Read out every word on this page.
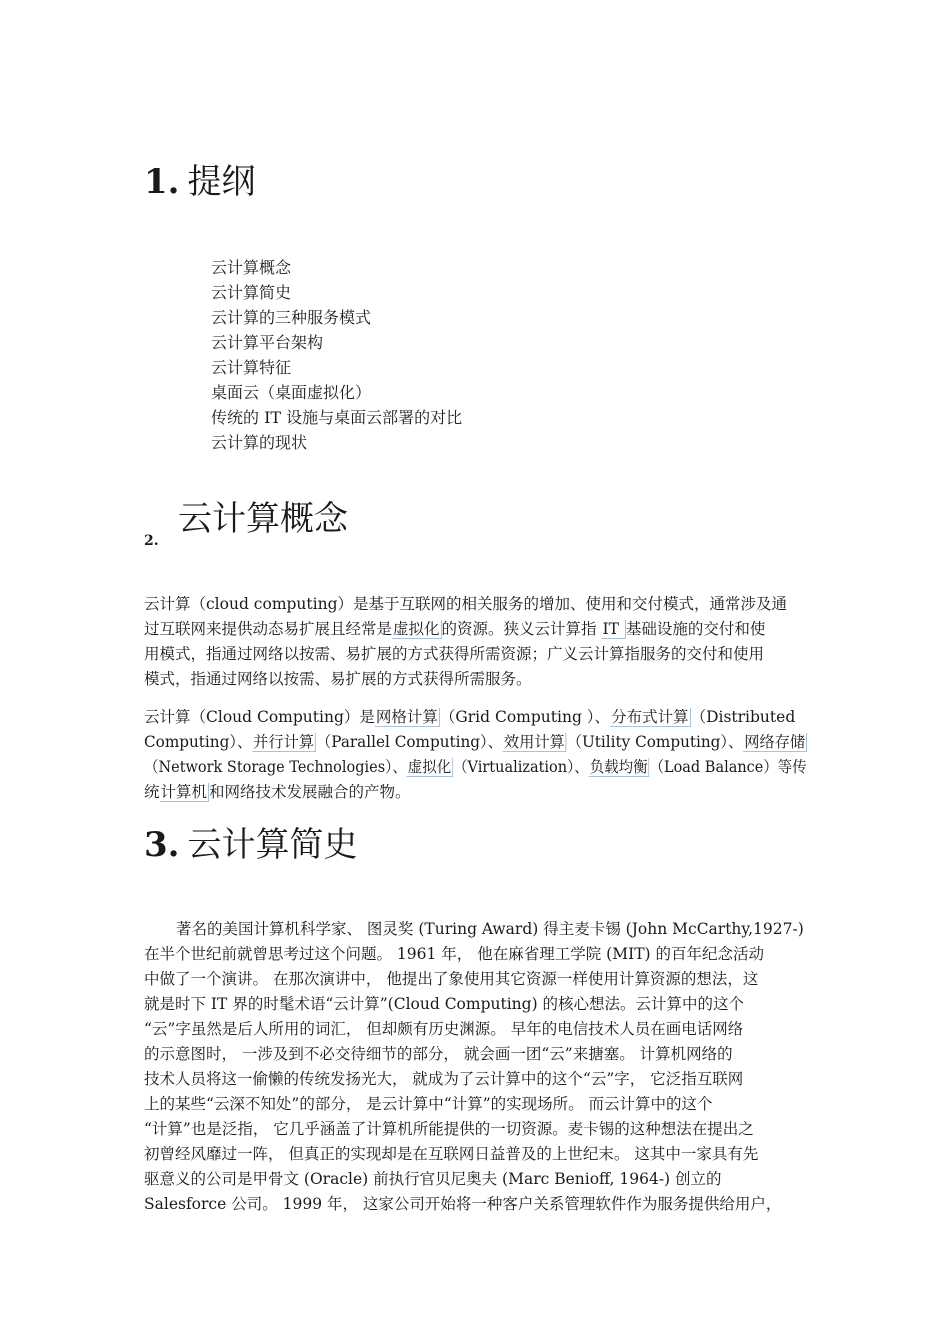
1. 提纲
云计算概念
云计算简史
云计算的三种服务模式
云计算平台架构
云计算特征
桌面云（桌面虚拟化）
传统的 IT 设施与桌面云部署的对比
云计算的现状
2.
云计算概念
云计算（cloud computing）是基于互联网的相关服务的增加、使用和交付模式，通常涉及通
过互联网来提供动态易扩展且经常是虚拟化 的资源。狭义云计算指 IT 基础设施的交付和使
用模式，指通过网络以按需、易扩展的方式获得所需资源；广义云计算指服务的交付和使用
模式，指通过网络以按需、易扩展的方式获得所需服务。
云计算（Cloud Computing）是网格计算 （Grid Computing ）、分布式计算 （Distributed
Computing）、并行计算 （Parallel Computing）、效用计算 （Utility Computing）、网络存储
（Network Storage Technologies）、虚拟化 （Virtualization）、负载均衡 （Load Balance）等传
统计算机 和网络技术发展融合的产物。
3. 云计算简史
著名的美国计算机科学家、 图灵奖 (Turing Award) 得主麦卡锡 (John McCarthy,1927-)
在半个世纪前就曾思考过这个问题。 1961 年， 他在麻省理工学院 (MIT) 的百年纪念活动
中做了一个演讲。 在那次演讲中， 他提出了象使用其它资源一样使用计算资源的想法，这
就是时下 IT 界的时髦术语“云计算”(Cloud Computing) 的核心想法。云计算中的这个
“云”字虽然是后人所用的词汇， 但却颇有历史渊源。 早年的电信技术人员在画电话网络
的示意图时， 一涉及到不必交待细节的部分， 就会画一团“云”来搪塞。 计算机网络的
技术人员将这一偷懒的传统发扬光大， 就成为了云计算中的这个“云”字， 它泛指互联网
上的某些“云深不知处”的部分， 是云计算中“计算”的实现场所。 而云计算中的这个
“计算”也是泛指， 它几乎涵盖了计算机所能提供的一切资源。麦卡锡的这种想法在提出之
初曾经风靡过一阵， 但真正的实现却是在互联网日益普及的上世纪末。 这其中一家具有先
驱意义的公司是甲骨文 (Oracle) 前执行官贝尼奥夫 (Marc Benioff, 1964-) 创立的
Salesforce 公司。 1999 年， 这家公司开始将一种客户关系管理软件作为服务提供给用户，
